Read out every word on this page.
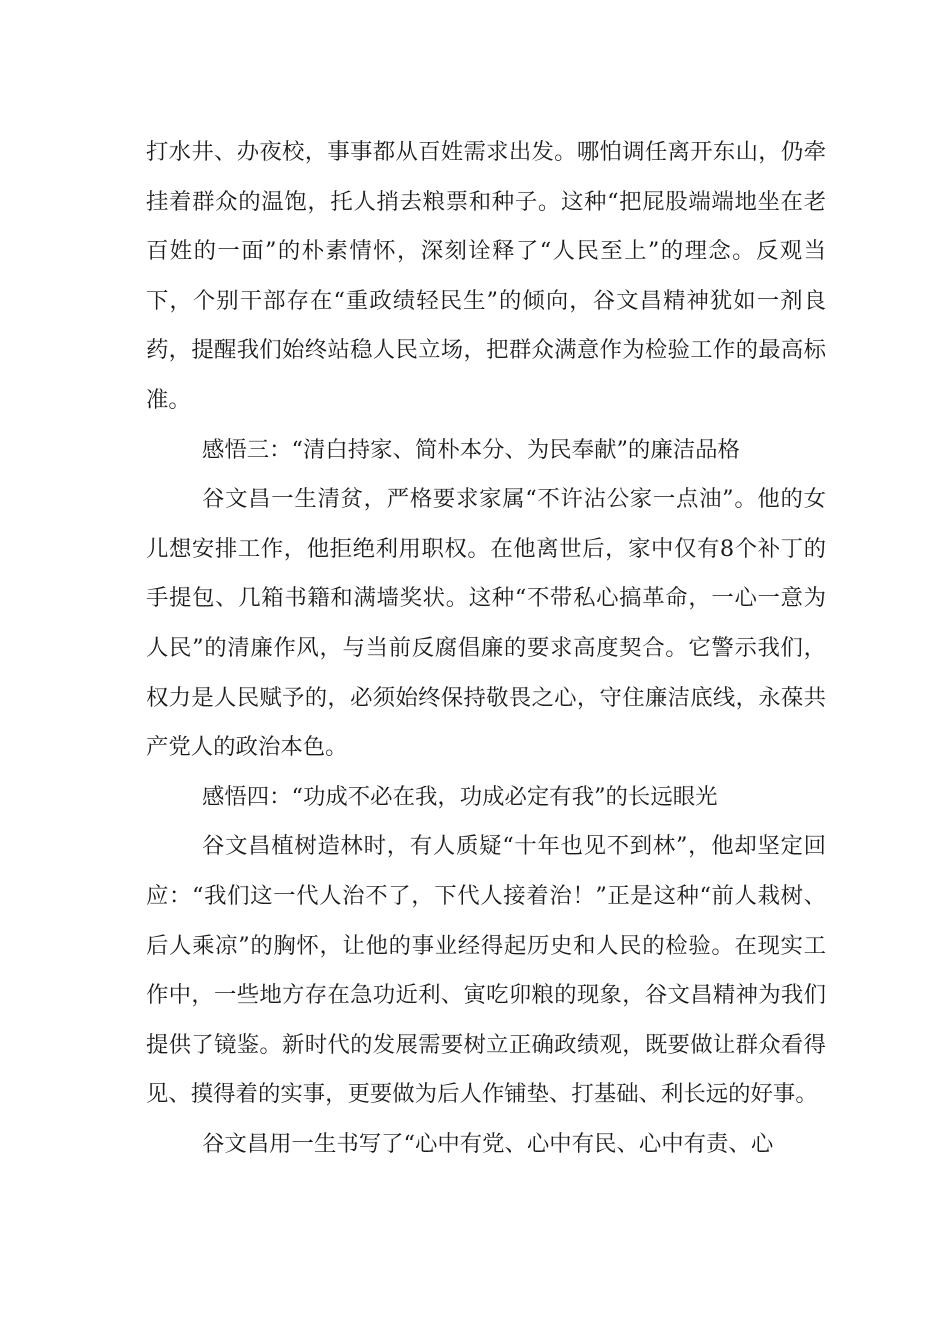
打水井、办夜校，事事都从百姓需求出发。哪怕调任离开东山，仍牵挂着群众的温饱，托人捎去粮票和种子。这种“把屁股端端地坐在老百姓的一面”的朴素情怀，深刻诠释了“人民至上”的理念。反观当下，个别干部存在“重政绩轻民生”的倾向，谷文昌精神犹如一剂良药，提醒我们始终站稳人民立场，把群众满意作为检验工作的最高标准。

感悟三：“清白持家、简朴本分、为民奉献”的廉洁品格

谷文昌一生清贫，严格要求家属“不许沾公家一点油”。他的女儿想安排工作，他拒绝利用职权。在他离世后，家中仅有8个补丁的手提包、几箱书籍和满墙奖状。这种“不带私心搞革命，一心一意为人民”的清廉作风，与当前反腐倡廉的要求高度契合。它警示我们，权力是人民赋予的，必须始终保持敬畏之心，守住廉洁底线，永葆共产党人的政治本色。

感悟四：“功成不必在我，功成必定有我”的长远眼光

谷文昌植树造林时，有人质疑“十年也见不到林”，他却坚定回应：“我们这一代人治不了，下代人接着治！”正是这种“前人栽树、后人乘凉”的胸怀，让他的事业经得起历史和人民的检验。在现实工作中，一些地方存在急功近利、寅吃卯粮的现象，谷文昌精神为我们提供了镜鉴。新时代的发展需要树立正确政绩观，既要做让群众看得见、摸得着的实事，更要做为后人作铺垫、打基础、利长远的好事。

谷文昌用一生书写了“心中有党、心中有民、心中有责、心
